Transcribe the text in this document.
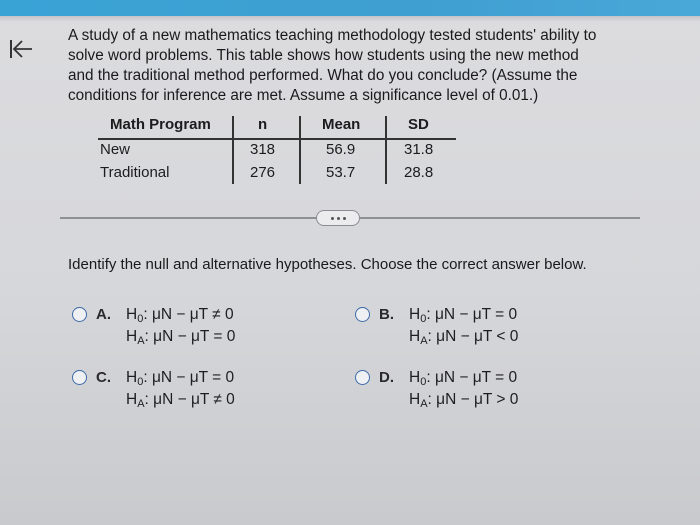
A study of a new mathematics teaching methodology tested students' ability to
solve word problems. This table shows how students using the new method
and the traditional method performed. What do you conclude? (Assume the
conditions for inference are met. Assume a significance level of 0.01.)
Math Program	n	Mean	SD
New	318	56.9	31.8
Traditional	276	53.7	28.8
Identify the null and alternative hypotheses. Choose the correct answer below.
A. $H_0$: μN − μT ≠ 0
$H_A$: μN − μT = 0
B. $H_0$: μN − μT = 0
$H_A$: μN − μT < 0
C. $H_0$: μN − μT = 0
$H_A$: μN − μT ≠ 0
D. $H_0$: μN − μT = 0
$H_A$: μN − μT > 0
